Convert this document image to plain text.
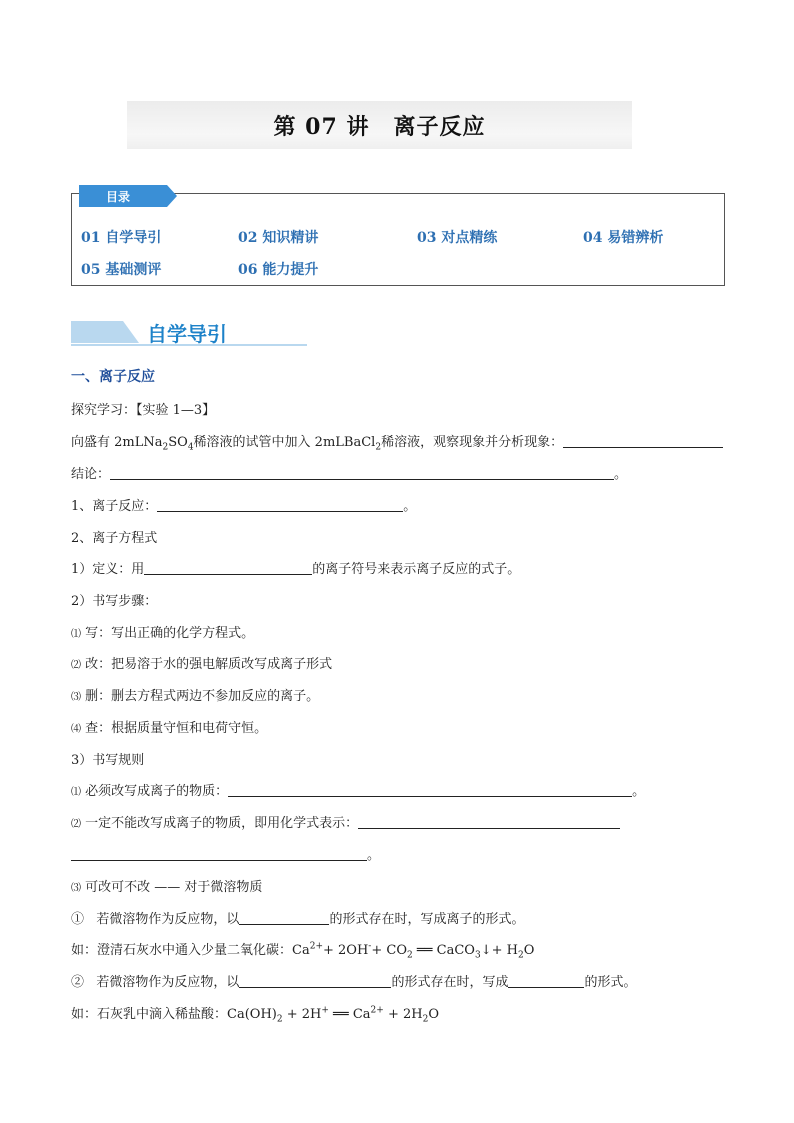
第 07 讲 离子反应
目录
01 自学导引	02 知识精讲	03 对点精练	04 易错辨析
05 基础测评	06 能力提升
自学导引
一、离子反应
探究学习：【实验 1—3】
向盛有 $2mLNa_2SO_4$稀溶液的试管中加入 2mLBaCl$_2$稀溶液，观察现象并分析现象：
结论：	。
1、离子反应：	。
2、离子方程式
1）定义：用	的离子符号来表示离子反应的式子。
2）书写步骤：
⑴ 写：写出正确的化学方程式。
⑵ 改：把易溶于水的强电解质改写成离子形式
⑶ 删：删去方程式两边不参加反应的离子。
⑷ 查：根据质量守恒和电荷守恒。
3）书写规则
⑴ 必须改写成离子的物质：	。
⑵ 一定不能改写成离子的物质，即用化学式表示：
。
⑶ 可改可不改 —— 对于微溶物质
① 若微溶物作为反应物，以	的形式存在时，写成离子的形式。
如：澄清石灰水中通入少量二氧化碳：$Ca^{2+}+ 2OH^-+ CO_2$ ══ CaCO$_3$↓+ $H_2O$
② 若微溶物作为反应物，以	的形式存在时，写成	的形式。
如：石灰乳中滴入稀盐酸：$Ca(OH)_2 + 2H^+$ ══ $Ca^{2+} + 2H_2O$
